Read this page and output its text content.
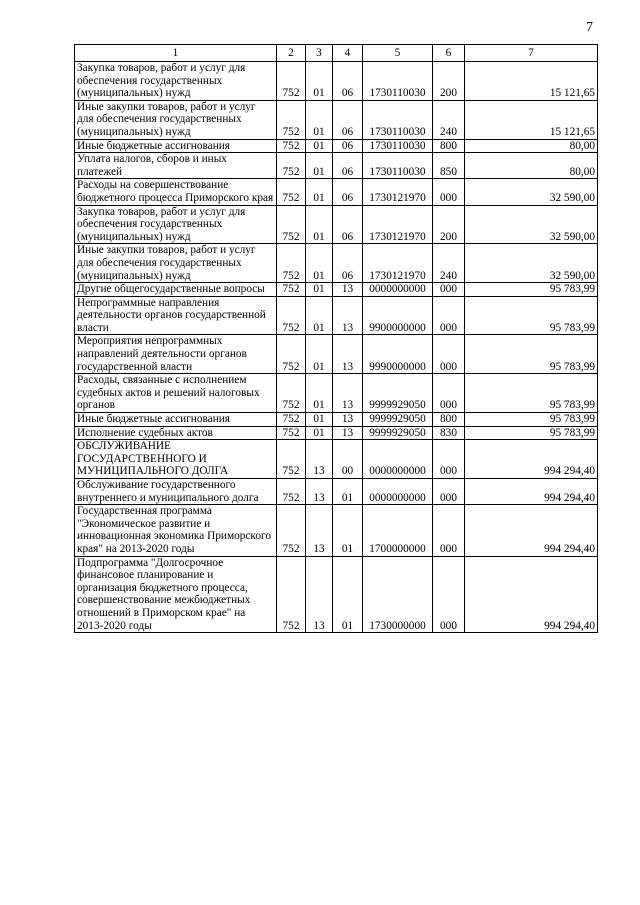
7
1	2	3	4	5	6	7
Закупка товаров, работ и услуг для обеспечения государственных (муниципальных) нужд	752	01	06	1730110030	200	15 121,65
Иные закупки товаров, работ и услуг для обеспечения государственных (муниципальных) нужд	752	01	06	1730110030	240	15 121,65
Иные бюджетные ассигнования	752	01	06	1730110030	800	80,00
Уплата налогов, сборов и иных платежей	752	01	06	1730110030	850	80,00
Расходы на совершенствование бюджетного процесса Приморского края	752	01	06	1730121970	000	32 590,00
Закупка товаров, работ и услуг для обеспечения государственных (муниципальных) нужд	752	01	06	1730121970	200	32 590,00
Иные закупки товаров, работ и услуг для обеспечения государственных (муниципальных) нужд	752	01	06	1730121970	240	32 590,00
Другие общегосударственные вопросы	752	01	13	0000000000	000	95 783,99
Непрограммные направления деятельности органов государственной власти	752	01	13	9900000000	000	95 783,99
Мероприятия непрограммных направлений деятельности органов государственной власти	752	01	13	9990000000	000	95 783,99
Расходы, связанные с исполнением судебных актов и решений налоговых органов	752	01	13	9999929050	000	95 783,99
Иные бюджетные ассигнования	752	01	13	9999929050	800	95 783,99
Исполнение судебных актов	752	01	13	9999929050	830	95 783,99
ОБСЛУЖИВАНИЕ ГОСУДАРСТВЕННОГО И МУНИЦИПАЛЬНОГО ДОЛГА	752	13	00	0000000000	000	994 294,40
Обслуживание государственного внутреннего и муниципального долга	752	13	01	0000000000	000	994 294,40
Государственная программа "Экономическое развитие и инновационная экономика Приморского края" на 2013-2020 годы	752	13	01	1700000000	000	994 294,40
Подпрограмма "Долгосрочное финансовое планирование и организация бюджетного процесса, совершенствование межбюджетных отношений в Приморском крае" на 2013-2020 годы	752	13	01	1730000000	000	994 294,40
